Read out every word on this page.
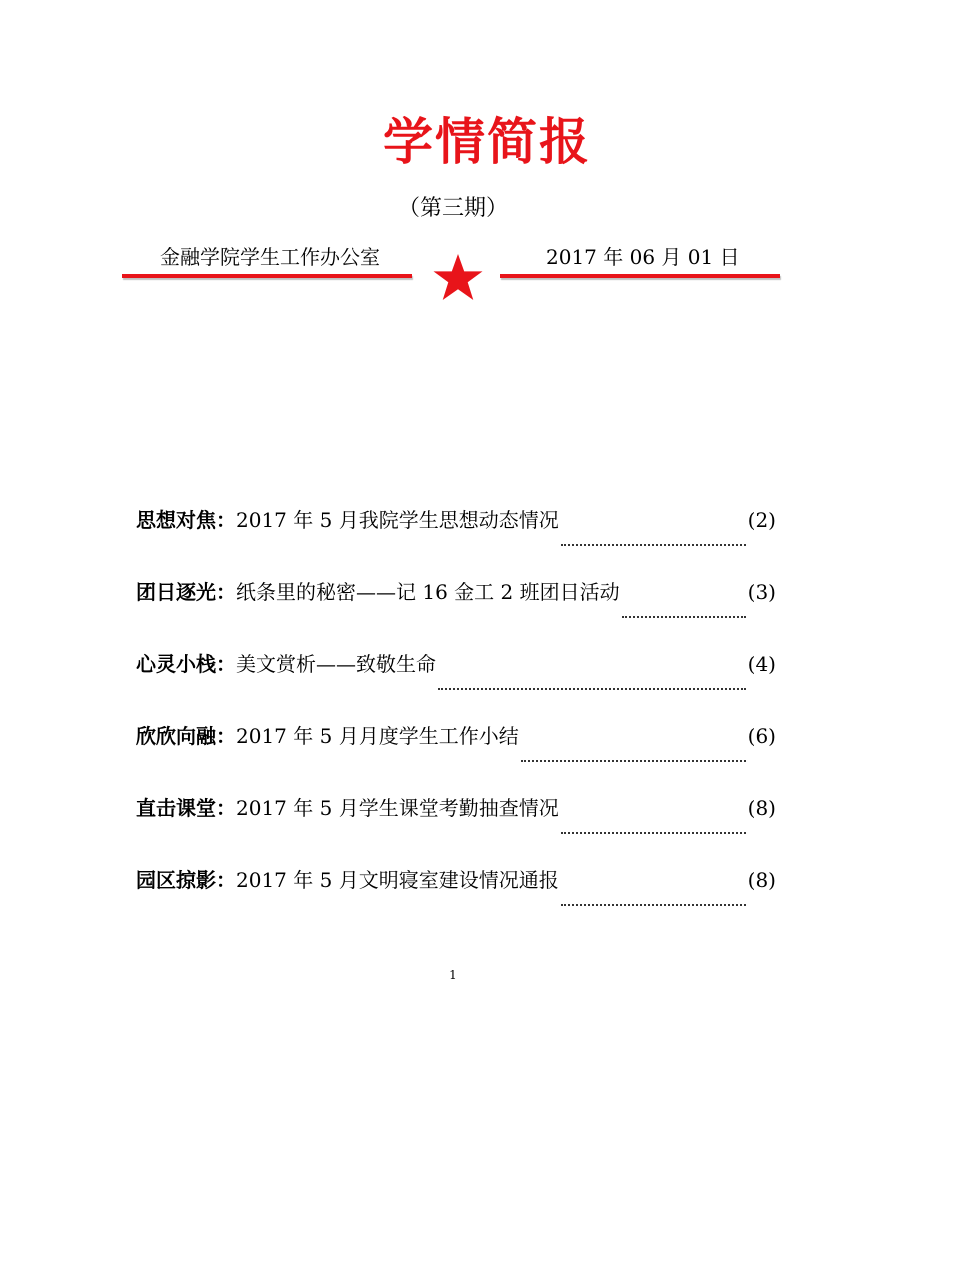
学情简报
（第三期）
金融学院学生工作办公室	2017 年 06 月 01 日
思想对焦： 2017 年 5 月我院学生思想动态情况	(2)
团日逐光： 纸条里的秘密——记 16 金工 2 班团日活动	(3)
心灵小栈： 美文赏析——致敬生命	(4)
欣欣向融： 2017 年 5 月月度学生工作小结	(6)
直击课堂： 2017 年 5 月学生课堂考勤抽查情况	(8)
园区掠影： 2017 年 5 月文明寝室建设情况通报	(8)
1
